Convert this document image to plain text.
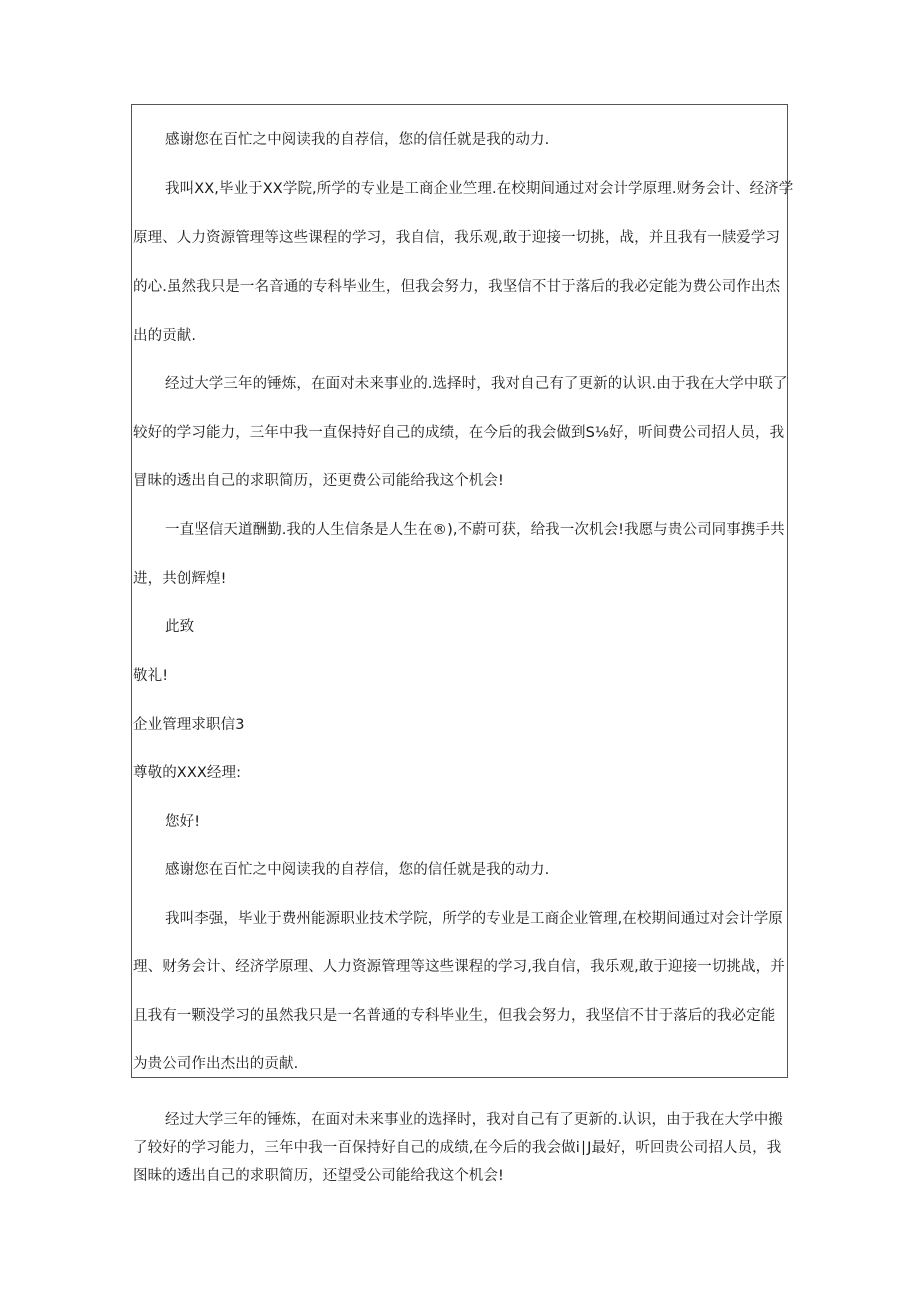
感谢您在百忙之中阅读我的自荐信，您的信任就是我的动力.
我叫XX,毕业于XX学院,所学的专业是工商企业竺理.在校期间通过对会计学原理.财务会计、经济学
原理、人力资源管理等这些课程的学习，我自信，我乐观,敢于迎接一切挑，战，并且我有一牍爱学习
的心.虽然我只是一名音通的专科毕业生，但我会努力，我坚信不甘于落后的我必定能为费公司作出杰
出的贡献.
经过大学三年的锤炼，在面对未来事业的.选择时，我对自己有了更新的认识.由于我在大学中联了
较好的学习能力，三年中我一直保持好自己的成绩，在今后的我会做到S⅛好，听间费公司招人员，我
冒昧的透出自己的求职简历，还更费公司能给我这个机会!
一直坚信天道酬勤.我的人生信条是人生在®),不蔚可获，给我一次机会!我愿与贵公司同事携手共
进，共创辉煌!
此致
敬礼!
企业管理求职信3
尊敬的XXX经理:
您好!
感谢您在百忙之中阅读我的自荐信，您的信任就是我的动力.
我叫李强，毕业于费州能源职业技术学院，所学的专业是工商企业管理,在校期间通过对会计学原
理、财务会计、经济学原理、人力资源管理等这些课程的学习,我自信，我乐观,敢于迎接一切挑战，并
且我有一颗没学习的虽然我只是一名普通的专科毕业生，但我会努力，我坚信不甘于落后的我必定能
为贵公司作出杰出的贡献.
经过大学三年的锤炼，在面对未来事业的选择时，我对自己有了更新的.认识，由于我在大学中搬
了较好的学习能力，三年中我一百保持好自己的成绩,在今后的我会做i∣J最好，听回贵公司招人员，我
图昧的透出自己的求职简历，还望受公司能给我这个机会!
